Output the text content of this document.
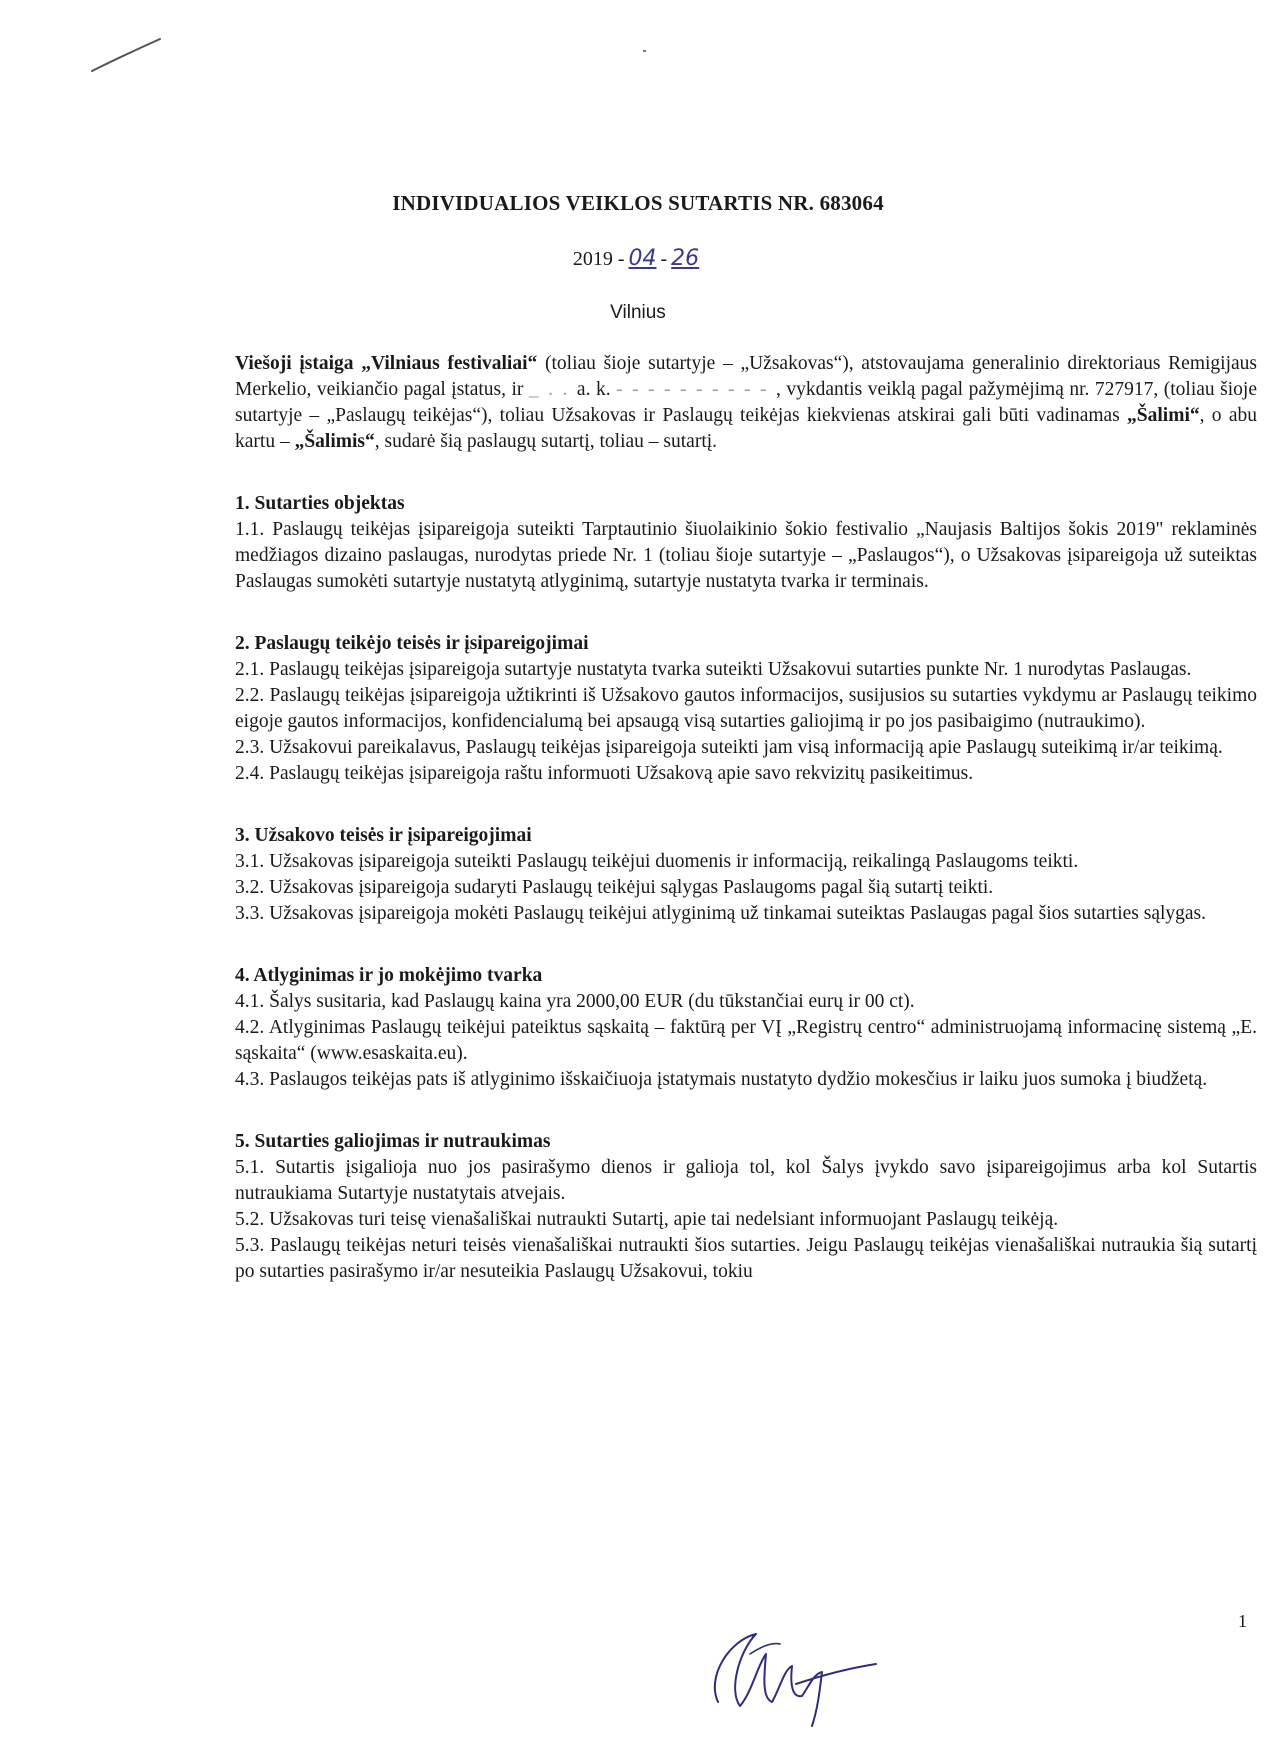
INDIVIDUALIOS VEIKLOS SUTARTIS NR. 683064
2019 - 04 - 26
Vilnius

Viešoji įstaiga „Vilniaus festivaliai“ (toliau šioje sutartyje – „Užsakovas“), atstovaujama generalinio direktoriaus Remigijaus Merkelio, veikiančio pagal įstatus, ir _ . . a. k. - - - - - - - - - - , vykdantis veiklą pagal pažymėjimą nr. 727917, (toliau šioje sutartyje – „Paslaugų teikėjas“), toliau Užsakovas ir Paslaugų teikėjas kiekvienas atskirai gali būti vadinamas „Šalimi“, o abu kartu – „Šalimis“, sudarė šią paslaugų sutartį, toliau – sutartį.

1. Sutarties objektas

1.1. Paslaugų teikėjas įsipareigoja suteikti Tarptautinio šiuolaikinio šokio festivalio „Naujasis Baltijos šokis 2019" reklaminės medžiagos dizaino paslaugas, nurodytas priede Nr. 1 (toliau šioje sutartyje – „Paslaugos“), o Užsakovas įsipareigoja už suteiktas Paslaugas sumokėti sutartyje nustatytą atlyginimą, sutartyje nustatyta tvarka ir terminais.

2. Paslaugų teikėjo teisės ir įsipareigojimai

2.1. Paslaugų teikėjas įsipareigoja sutartyje nustatyta tvarka suteikti Užsakovui sutarties punkte Nr. 1 nurodytas Paslaugas.

2.2. Paslaugų teikėjas įsipareigoja užtikrinti iš Užsakovo gautos informacijos, susijusios su sutarties vykdymu ar Paslaugų teikimo eigoje gautos informacijos, konfidencialumą bei apsaugą visą sutarties galiojimą ir po jos pasibaigimo (nutraukimo).

2.3. Užsakovui pareikalavus, Paslaugų teikėjas įsipareigoja suteikti jam visą informaciją apie Paslaugų suteikimą ir/ar teikimą.

2.4. Paslaugų teikėjas įsipareigoja raštu informuoti Užsakovą apie savo rekvizitų pasikeitimus.

3. Užsakovo teisės ir įsipareigojimai

3.1. Užsakovas įsipareigoja suteikti Paslaugų teikėjui duomenis ir informaciją, reikalingą Paslaugoms teikti.

3.2. Užsakovas įsipareigoja sudaryti Paslaugų teikėjui sąlygas Paslaugoms pagal šią sutartį teikti.

3.3. Užsakovas įsipareigoja mokėti Paslaugų teikėjui atlyginimą už tinkamai suteiktas Paslaugas pagal šios sutarties sąlygas.

4. Atlyginimas ir jo mokėjimo tvarka

4.1. Šalys susitaria, kad Paslaugų kaina yra 2000,00 EUR (du tūkstančiai eurų ir 00 ct).

4.2. Atlyginimas Paslaugų teikėjui pateiktus sąskaitą – faktūrą per VĮ „Registrų centro“ administruojamą informacinę sistemą „E. sąskaita“ (www.esaskaita.eu).

4.3. Paslaugos teikėjas pats iš atlyginimo išskaičiuoja įstatymais nustatyto dydžio mokesčius ir laiku juos sumoka į biudžetą.

5. Sutarties galiojimas ir nutraukimas

5.1. Sutartis įsigalioja nuo jos pasirašymo dienos ir galioja tol, kol Šalys įvykdo savo įsipareigojimus arba kol Sutartis nutraukiama Sutartyje nustatytais atvejais.

5.2. Užsakovas turi teisę vienašališkai nutraukti Sutartį, apie tai nedelsiant informuojant Paslaugų teikėją.

5.3. Paslaugų teikėjas neturi teisės vienašališkai nutraukti šios sutarties. Jeigu Paslaugų teikėjas vienašališkai nutraukia šią sutartį po sutarties pasirašymo ir/ar nesuteikia Paslaugų Užsakovui, tokiu

1
